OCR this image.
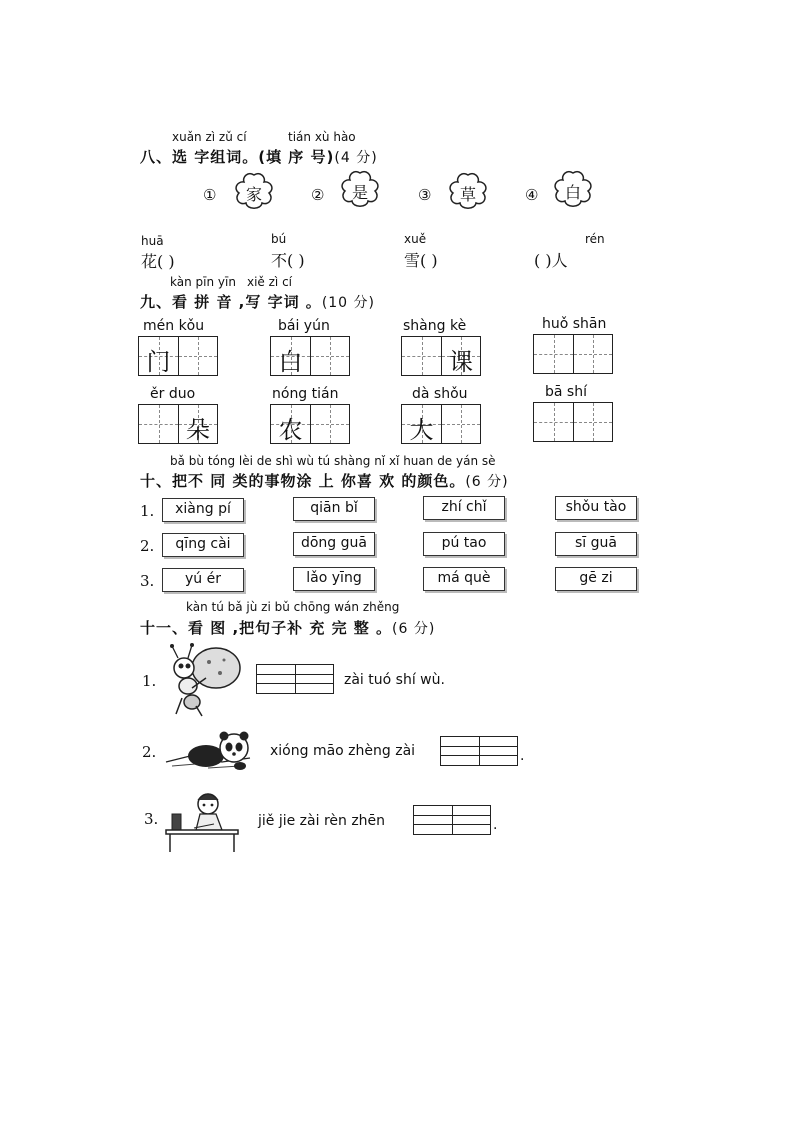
xuǎn zì zǔ cí	tián xù hào
八、选 字组词。(填 序 号)(4 分)
①	家	②	是	③	草	④	白
huā
花( )
bú
不( )
xuě
雪( )
rén
( )人
kàn pīn yīn xiě zì cí
九、看 拼 音 ,写 字词 。(10 分)
mén kǒu
门
bái yún
白
shàng kè
课
huǒ shān
ěr duo
朵
nóng tián
农
dà shǒu
大
bā shí
bǎ bù tóng lèi de shì wù tú shàng nǐ xǐ huan de yán sè
十、把不 同 类的事物涂 上 你喜 欢 的颜色。(6 分)
1.	xiàng pí	qiān bǐ	zhí chǐ	shǒu tào
2.	qīng cài	dōng guā	pú tao	sī guā
3.	yú ér	lǎo yīng	má què	gē zi
kàn tú bǎ jù zi bǔ chōng wán zhěng
十一、看 图 ,把句子补 充 完 整 。(6 分)
1.	zài tuó shí wù.
2.	xióng māo zhèng zài	.
3.	jiě jie zài rèn zhēn	.
